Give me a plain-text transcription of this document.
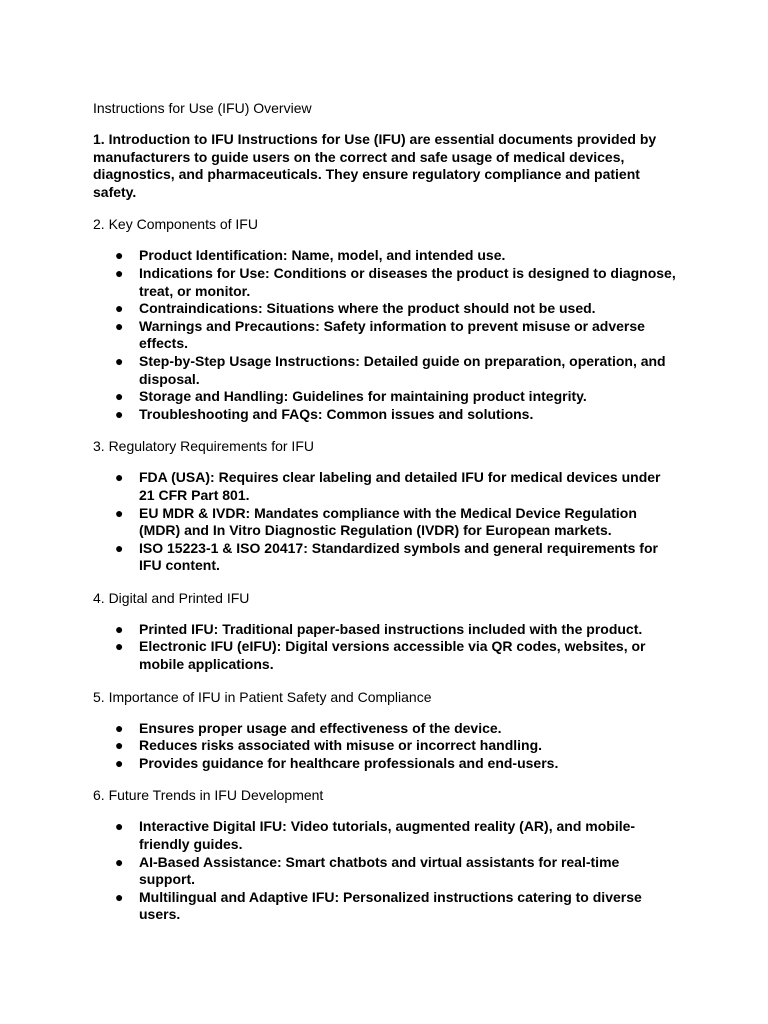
Instructions for Use (IFU) Overview
1. Introduction to IFU Instructions for Use (IFU) are essential documents provided by manufacturers to guide users on the correct and safe usage of medical devices, diagnostics, and pharmaceuticals. They ensure regulatory compliance and patient safety.
2. Key Components of IFU
● Product Identification: Name, model, and intended use.
● Indications for Use: Conditions or diseases the product is designed to diagnose, treat, or monitor.
● Contraindications: Situations where the product should not be used.
● Warnings and Precautions: Safety information to prevent misuse or adverse effects.
● Step-by-Step Usage Instructions: Detailed guide on preparation, operation, and disposal.
● Storage and Handling: Guidelines for maintaining product integrity.
● Troubleshooting and FAQs: Common issues and solutions.
3. Regulatory Requirements for IFU
● FDA (USA): Requires clear labeling and detailed IFU for medical devices under 21 CFR Part 801.
● EU MDR & IVDR: Mandates compliance with the Medical Device Regulation (MDR) and In Vitro Diagnostic Regulation (IVDR) for European markets.
● ISO 15223-1 & ISO 20417: Standardized symbols and general requirements for IFU content.
4. Digital and Printed IFU
● Printed IFU: Traditional paper-based instructions included with the product.
● Electronic IFU (eIFU): Digital versions accessible via QR codes, websites, or mobile applications.
5. Importance of IFU in Patient Safety and Compliance
● Ensures proper usage and effectiveness of the device.
● Reduces risks associated with misuse or incorrect handling.
● Provides guidance for healthcare professionals and end-users.
6. Future Trends in IFU Development
● Interactive Digital IFU: Video tutorials, augmented reality (AR), and mobile-friendly guides.
● AI-Based Assistance: Smart chatbots and virtual assistants for real-time support.
● Multilingual and Adaptive IFU: Personalized instructions catering to diverse users.
